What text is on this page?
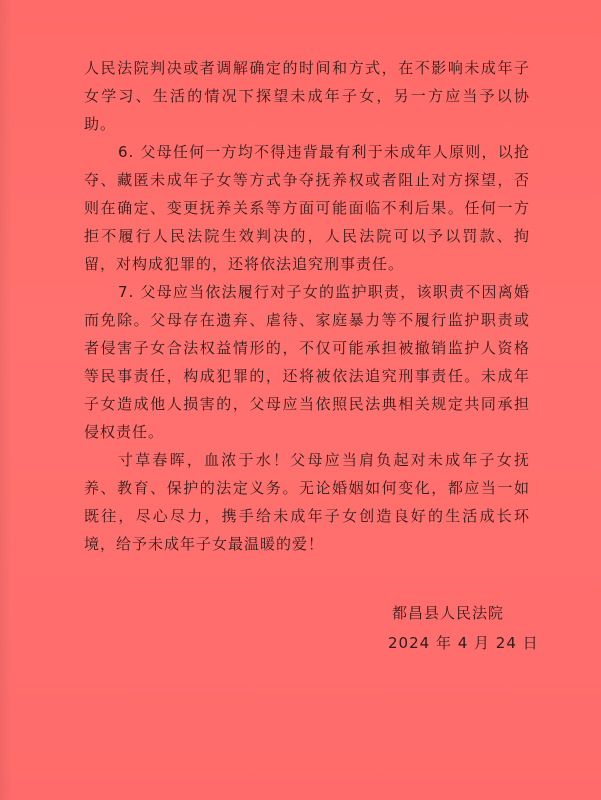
人民法院判决或者调解确定的时间和方式，在不影响未成年子女学习、生活的情况下探望未成年子女，另一方应当予以协助。

6. 父母任何一方均不得违背最有利于未成年人原则，以抢夺、藏匿未成年子女等方式争夺抚养权或者阻止对方探望，否则在确定、变更抚养关系等方面可能面临不利后果。任何一方拒不履行人民法院生效判决的，人民法院可以予以罚款、拘留，对构成犯罪的，还将依法追究刑事责任。

7. 父母应当依法履行对子女的监护职责，该职责不因离婚而免除。父母存在遗弃、虐待、家庭暴力等不履行监护职责或者侵害子女合法权益情形的，不仅可能承担被撤销监护人资格等民事责任，构成犯罪的，还将被依法追究刑事责任。未成年子女造成他人损害的，父母应当依照民法典相关规定共同承担侵权责任。

寸草春晖，血浓于水！父母应当肩负起对未成年子女抚养、教育、保护的法定义务。无论婚姻如何变化，都应当一如既往，尽心尽力，携手给未成年子女创造良好的生活成长环境，给予未成年子女最温暖的爱！

都昌县人民法院
2024 年 4 月 24 日
